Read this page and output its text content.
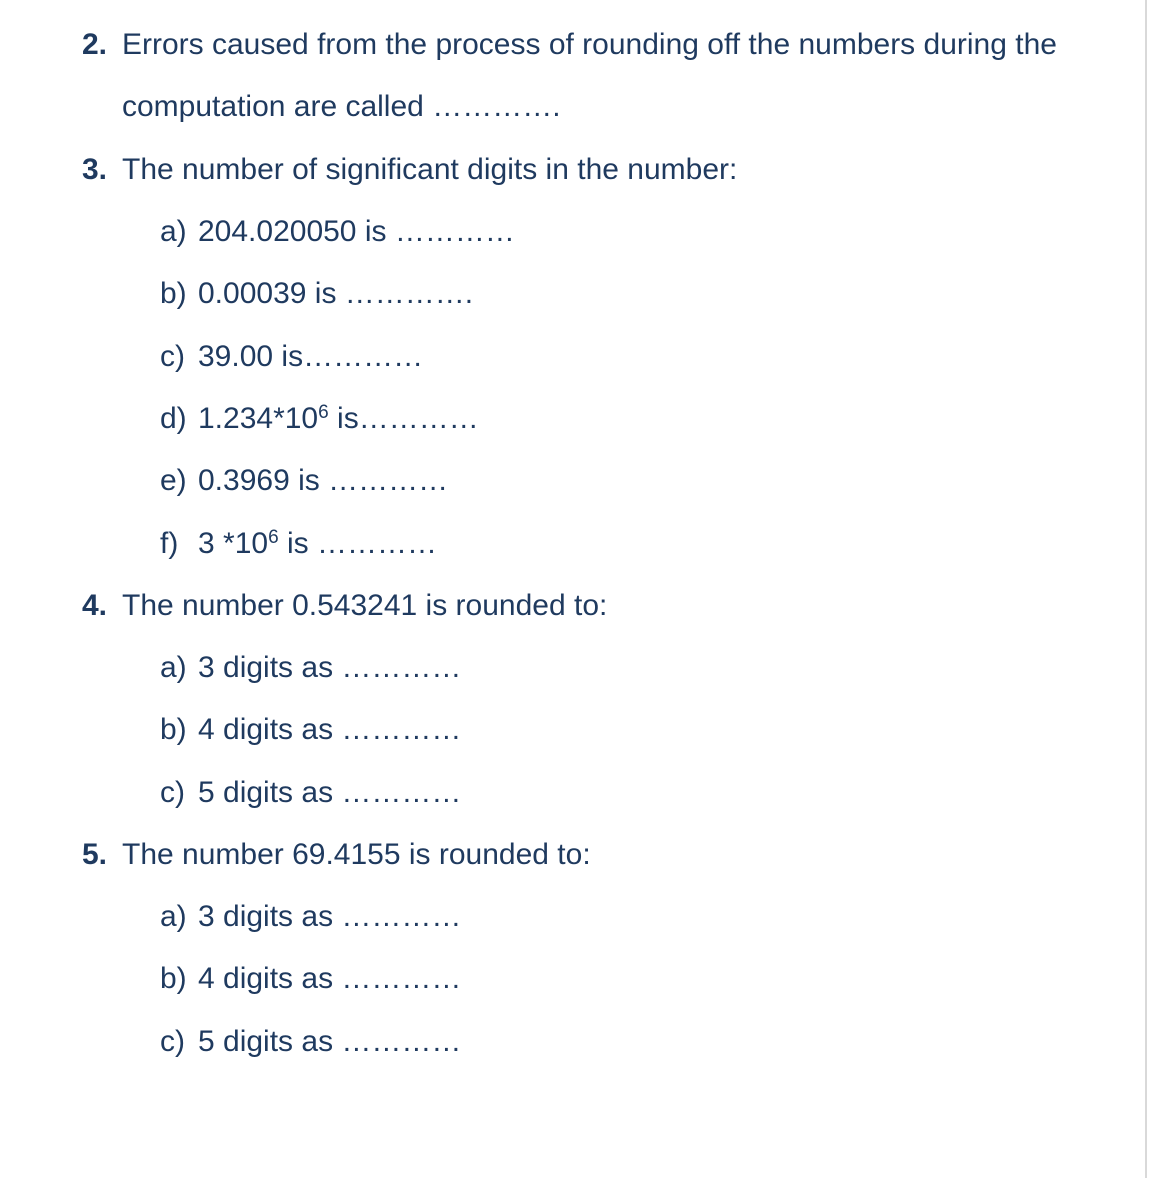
2. Errors caused from the process of rounding off the numbers during the
computation are called ………….
3. The number of significant digits in the number:
a) 204.020050 is …………
b) 0.00039 is ………….
c) 39.00 is…………
d) $1.234*10^6$ is…………
e) 0.3969 is …………
f) 3 $*10^6$ is …………
4. The number 0.543241 is rounded to:
a) 3 digits as …………
b) 4 digits as …………
c) 5 digits as …………
5. The number 69.4155 is rounded to:
a) 3 digits as …………
b) 4 digits as …………
c) 5 digits as …………
